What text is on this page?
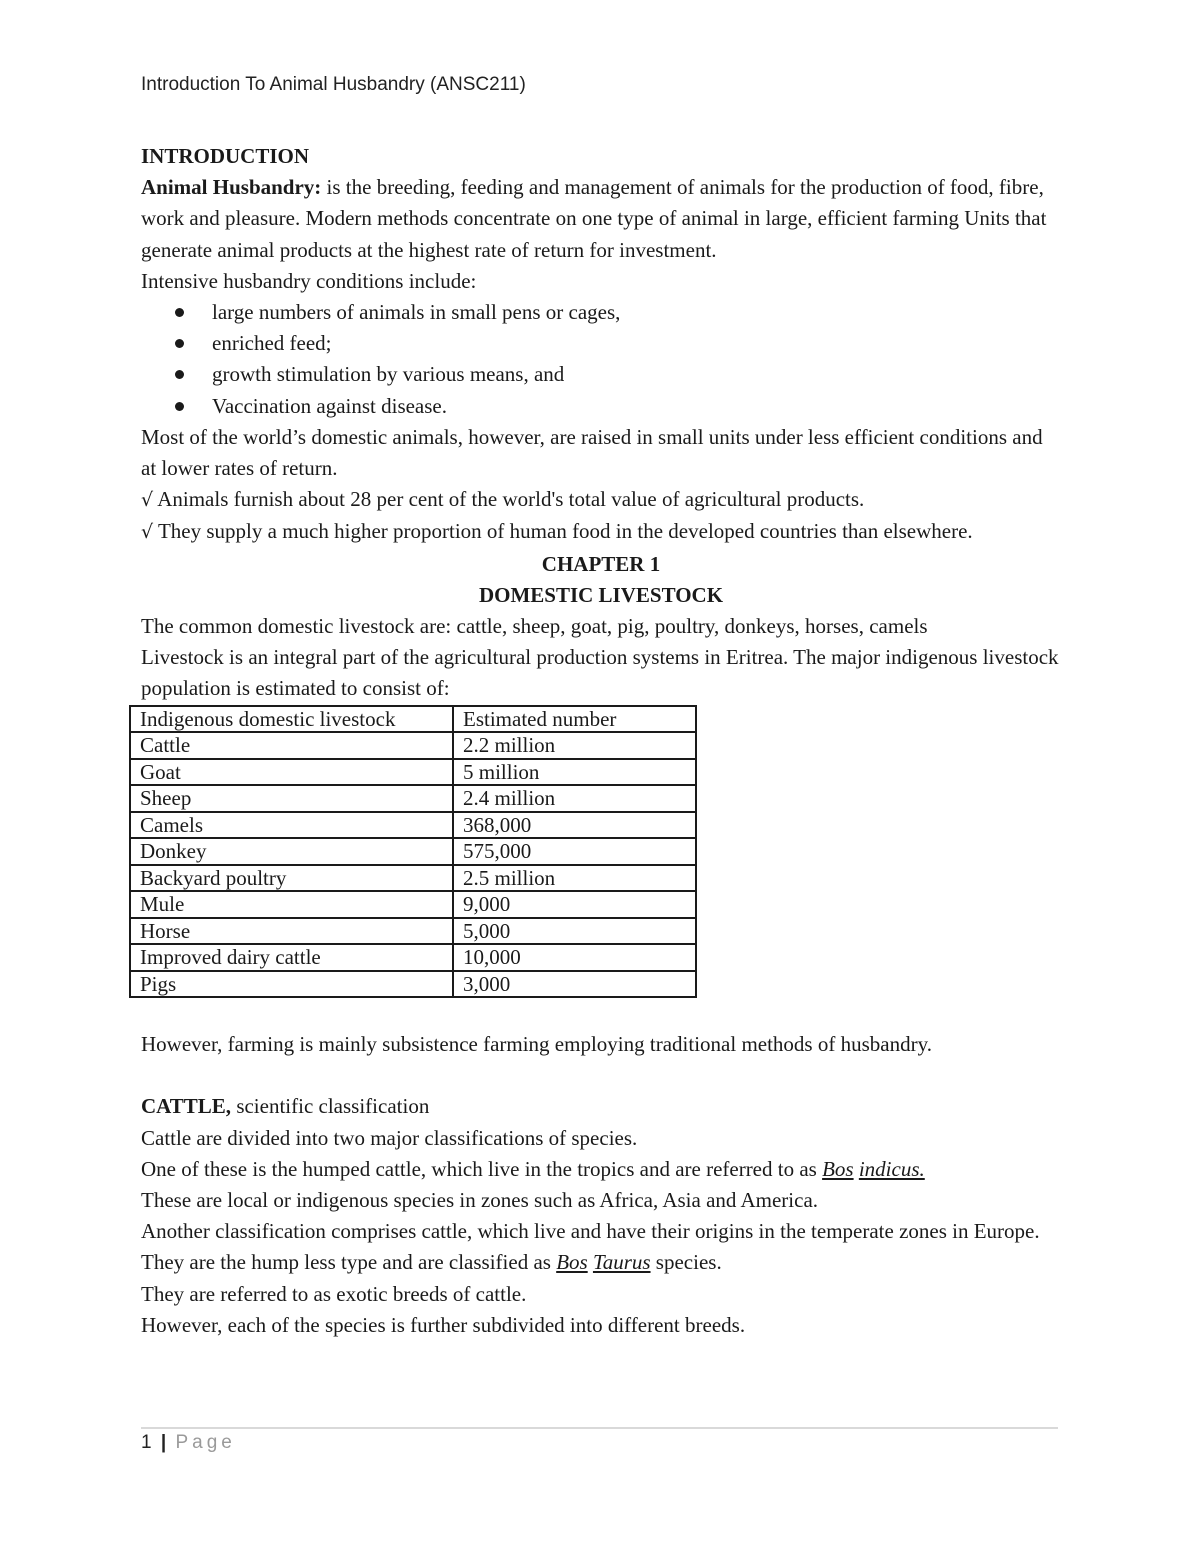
Introduction To Animal Husbandry (ANSC211)

INTRODUCTION

Animal Husbandry: is the breeding, feeding and management of animals for the production of food, fibre, work and pleasure. Modern methods concentrate on one type of animal in large, efficient farming Units that generate animal products at the highest rate of return for investment.

Intensive husbandry conditions include:

large numbers of animals in small pens or cages,
enriched feed;
growth stimulation by various means, and
Vaccination against disease.

Most of the world’s domestic animals, however, are raised in small units under less efficient conditions and at lower rates of return.

√ Animals furnish about 28 per cent of the world's total value of agricultural products.

√ They supply a much higher proportion of human food in the developed countries than elsewhere.

CHAPTER 1

DOMESTIC LIVESTOCK

The common domestic livestock are: cattle, sheep, goat, pig, poultry, donkeys, horses, camels

Livestock is an integral part of the agricultural production systems in Eritrea. The major indigenous livestock population is estimated to consist of:

Indigenous domestic livestock	Estimated number
Cattle	2.2 million
Goat	5 million
Sheep	2.4 million
Camels	368,000
Donkey	575,000
Backyard poultry	2.5 million
Mule	9,000
Horse	5,000
Improved dairy cattle	10,000
Pigs	3,000

However, farming is mainly subsistence farming employing traditional methods of husbandry.

CATTLE, scientific classification

Cattle are divided into two major classifications of species.

One of these is the humped cattle, which live in the tropics and are referred to as Bos indicus.

These are local or indigenous species in zones such as Africa, Asia and America.

Another classification comprises cattle, which live and have their origins in the temperate zones in Europe. They are the hump less type and are classified as Bos Taurus species.

They are referred to as exotic breeds of cattle.

However, each of the species is further subdivided into different breeds.

1 | Page
